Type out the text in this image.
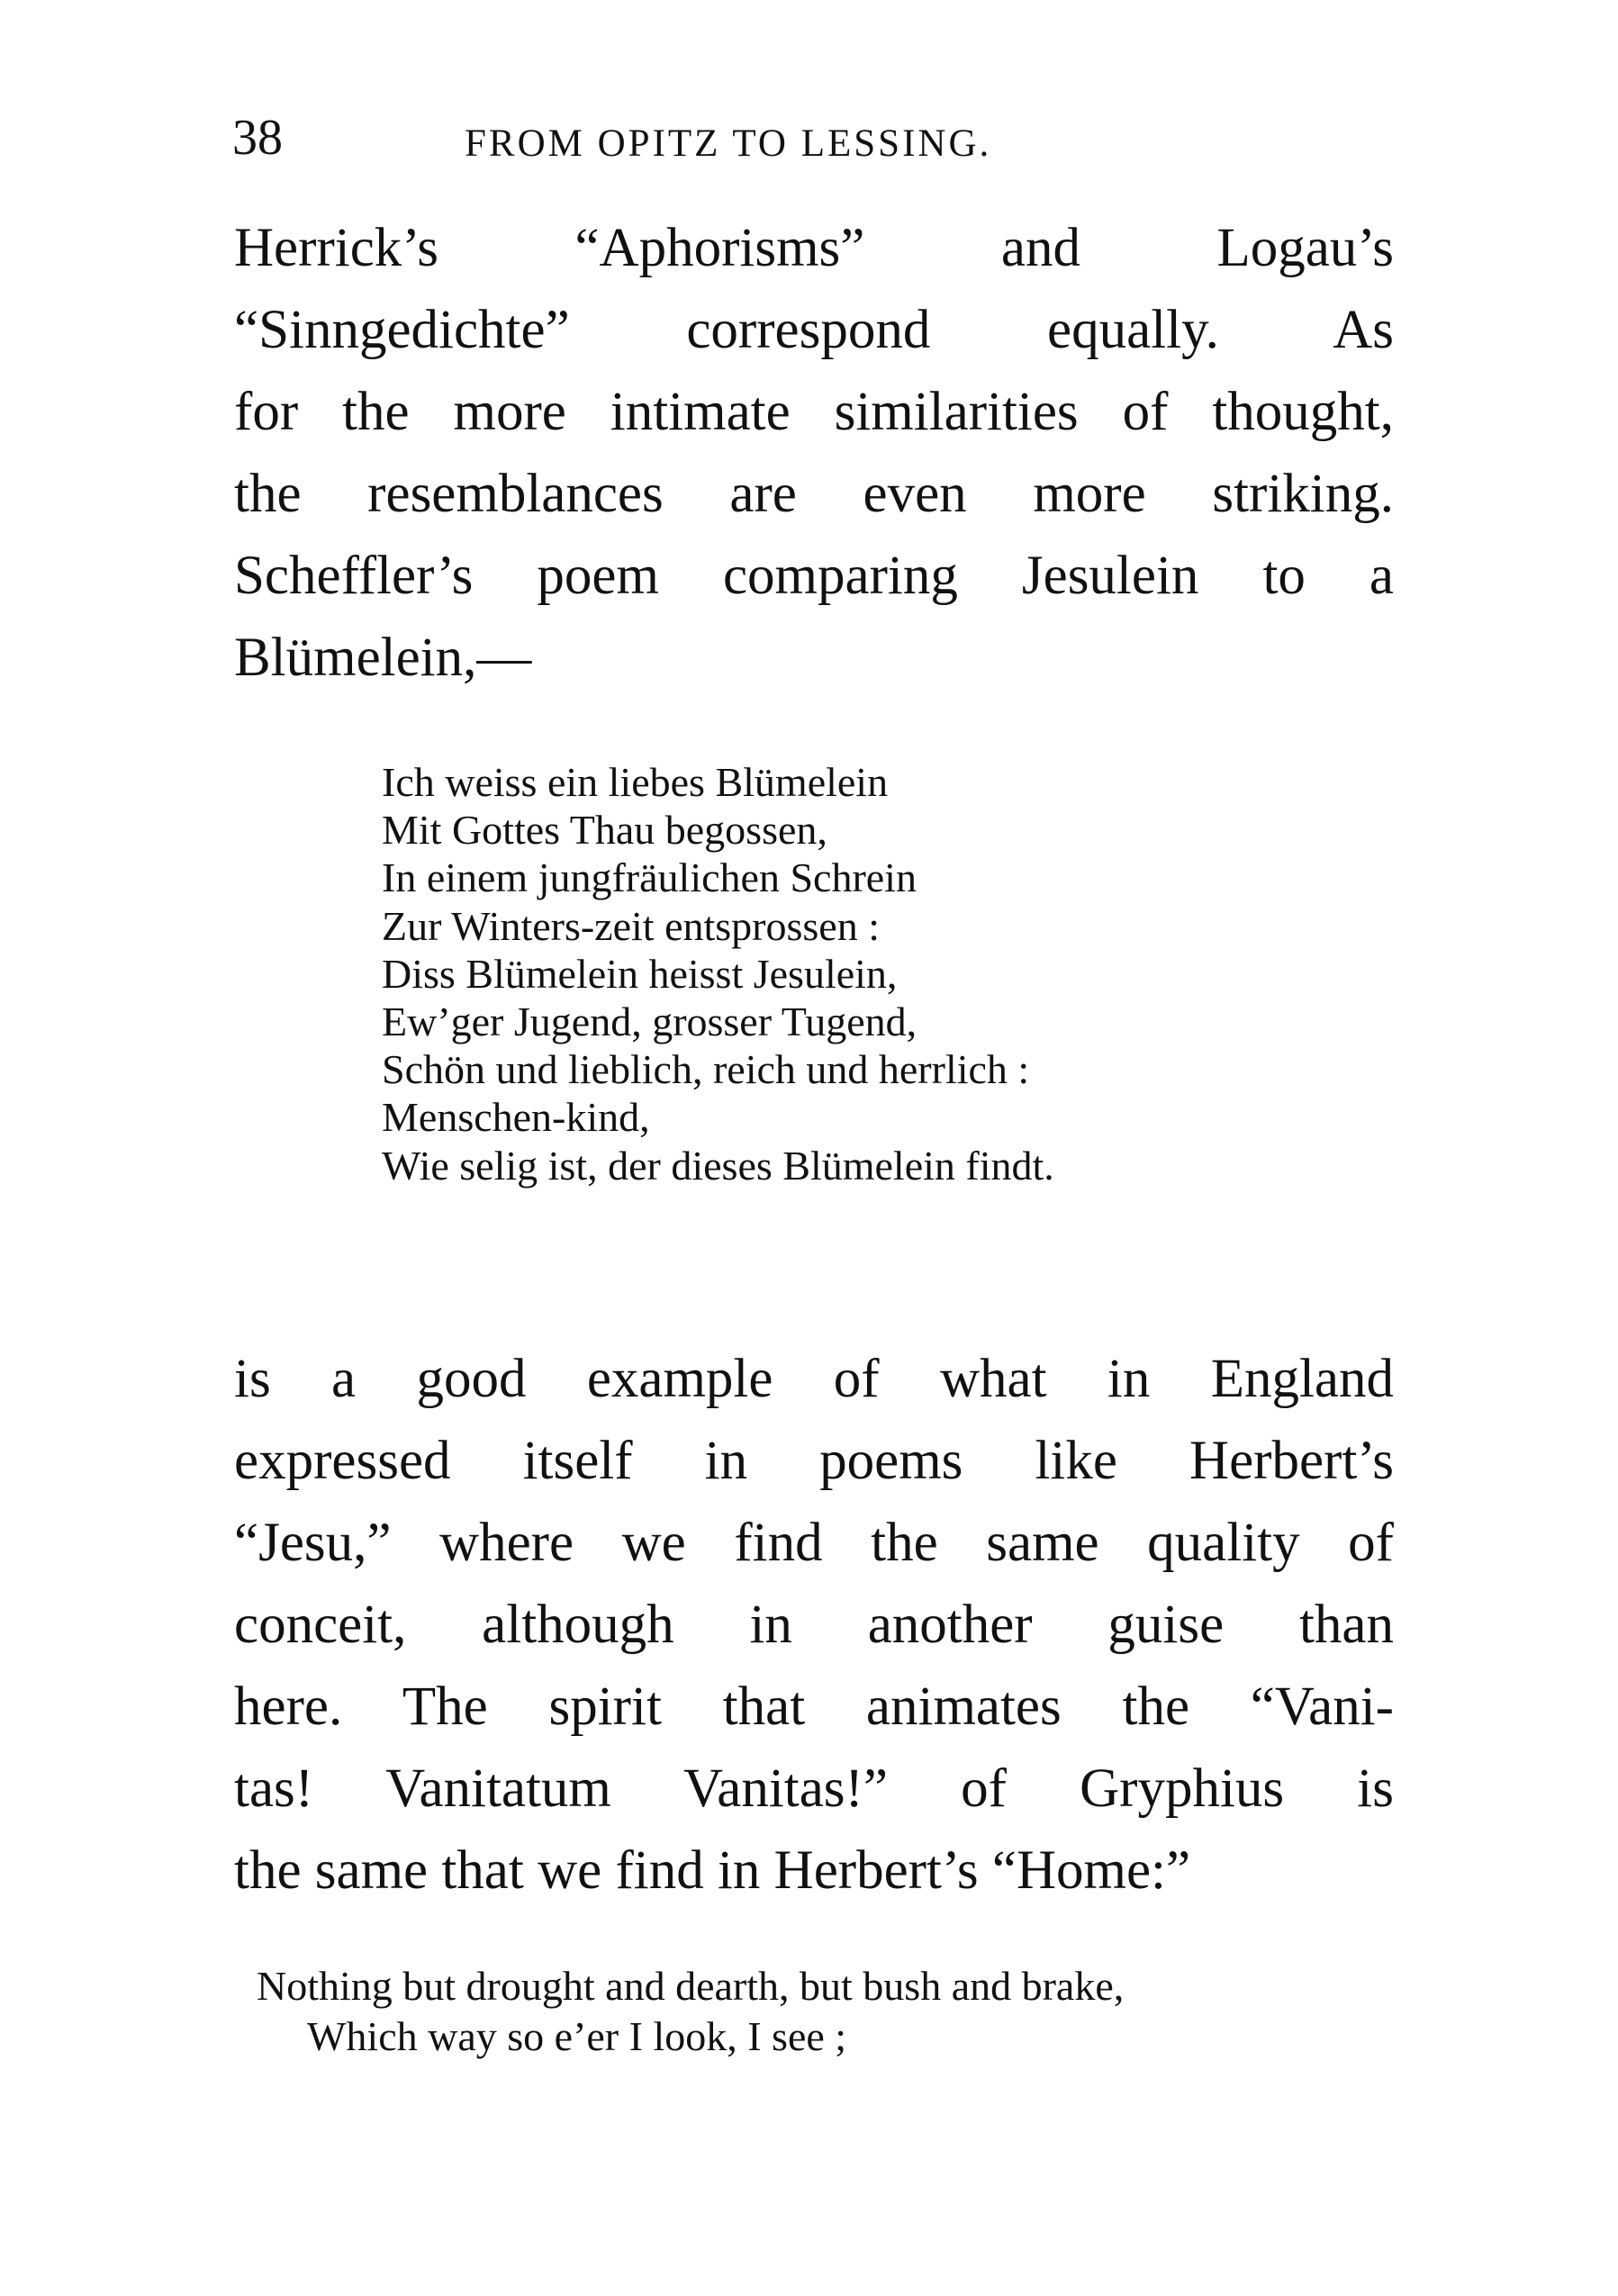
38	FROM OPITZ TO LESSING.
Herrick’s “Aphorisms” and Logau’s
“Sinngedichte” correspond equally. As
for the more intimate similarities of thought,
the resemblances are even more striking.
Scheffler’s poem comparing Jesulein to a
Blümelein,—
Ich weiss ein liebes Blümelein
Mit Gottes Thau begossen,
In einem jungfräulichen Schrein
Zur Winters-zeit entsprossen :
Diss Blümelein heisst Jesulein,
Ew’ger Jugend, grosser Tugend,
Schön und lieblich, reich und herrlich :
Menschen-kind,
Wie selig ist, der dieses Blümelein findt.
is a good example of what in England
expressed itself in poems like Herbert’s
“Jesu,” where we find the same quality of
conceit, although in another guise than
here. The spirit that animates the “Vani-
tas! Vanitatum Vanitas!” of Gryphius is
the same that we find in Herbert’s “Home:”
Nothing but drought and dearth, but bush and brake,
Which way so e’er I look, I see ;
